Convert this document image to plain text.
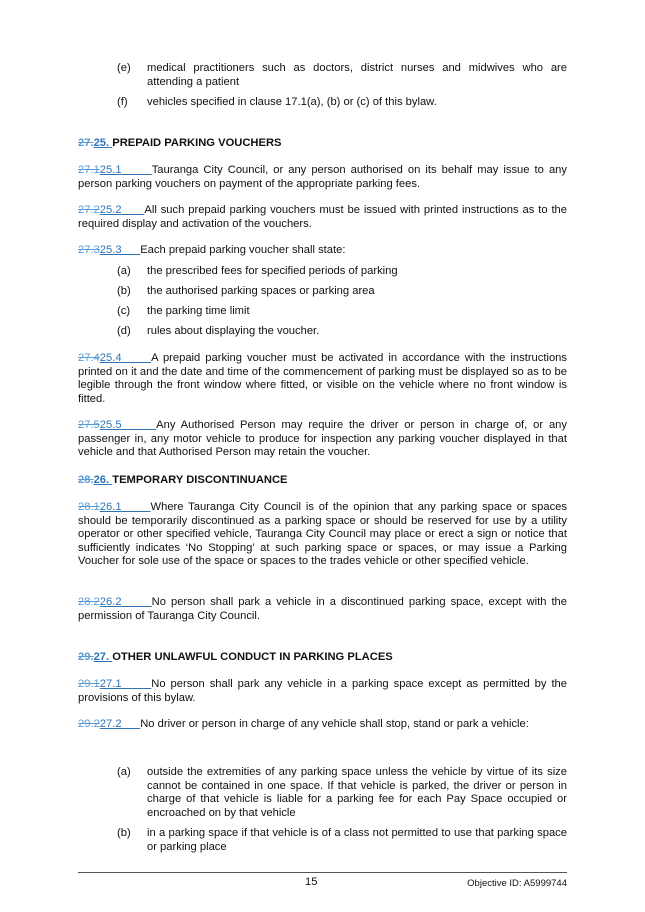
(e) medical practitioners such as doctors, district nurses and midwives who are attending a patient
(f) vehicles specified in clause 17.1(a), (b) or (c) of this bylaw.
27.25. PREPAID PARKING VOUCHERS
27.125.1	Tauranga City Council, or any person authorised on its behalf may issue to any person parking vouchers on payment of the appropriate parking fees.
27.225.2 All such prepaid parking vouchers must be issued with printed instructions as to the required display and activation of the vouchers.
27.325.3 Each prepaid parking voucher shall state:
(a) the prescribed fees for specified periods of parking
(b) the authorised parking spaces or parking area
(c) the parking time limit
(d) rules about displaying the voucher.
27.425.4	A prepaid parking voucher must be activated in accordance with the instructions printed on it and the date and time of the commencement of parking must be displayed so as to be legible through the front window where fitted, or visible on the vehicle where no front window is fitted.
27.525.5	Any Authorised Person may require the driver or person in charge of, or any passenger in, any motor vehicle to produce for inspection any parking voucher displayed in that vehicle and that Authorised Person may retain the voucher.
28.26. TEMPORARY DISCONTINUANCE
28.126.1	Where Tauranga City Council is of the opinion that any parking space or spaces should be temporarily discontinued as a parking space or should be reserved for use by a utility operator or other specified vehicle, Tauranga City Council may place or erect a sign or notice that sufficiently indicates ‘No Stopping’ at such parking space or spaces, or may issue a Parking Voucher for sole use of the space or spaces to the trades vehicle or other specified vehicle.
28.226.2	No person shall park a vehicle in a discontinued parking space, except with the permission of Tauranga City Council.
29.27. OTHER UNLAWFUL CONDUCT IN PARKING PLACES
29.127.1	No person shall park any vehicle in a parking space except as permitted by the provisions of this bylaw.
29.227.2 No driver or person in charge of any vehicle shall stop, stand or park a vehicle:
(a) outside the extremities of any parking space unless the vehicle by virtue of its size cannot be contained in one space. If that vehicle is parked, the driver or person in charge of that vehicle is liable for a parking fee for each Pay Space occupied or encroached on by that vehicle
(b) in a parking space if that vehicle is of a class not permitted to use that parking space or parking place
15	Objective ID: A5999744
